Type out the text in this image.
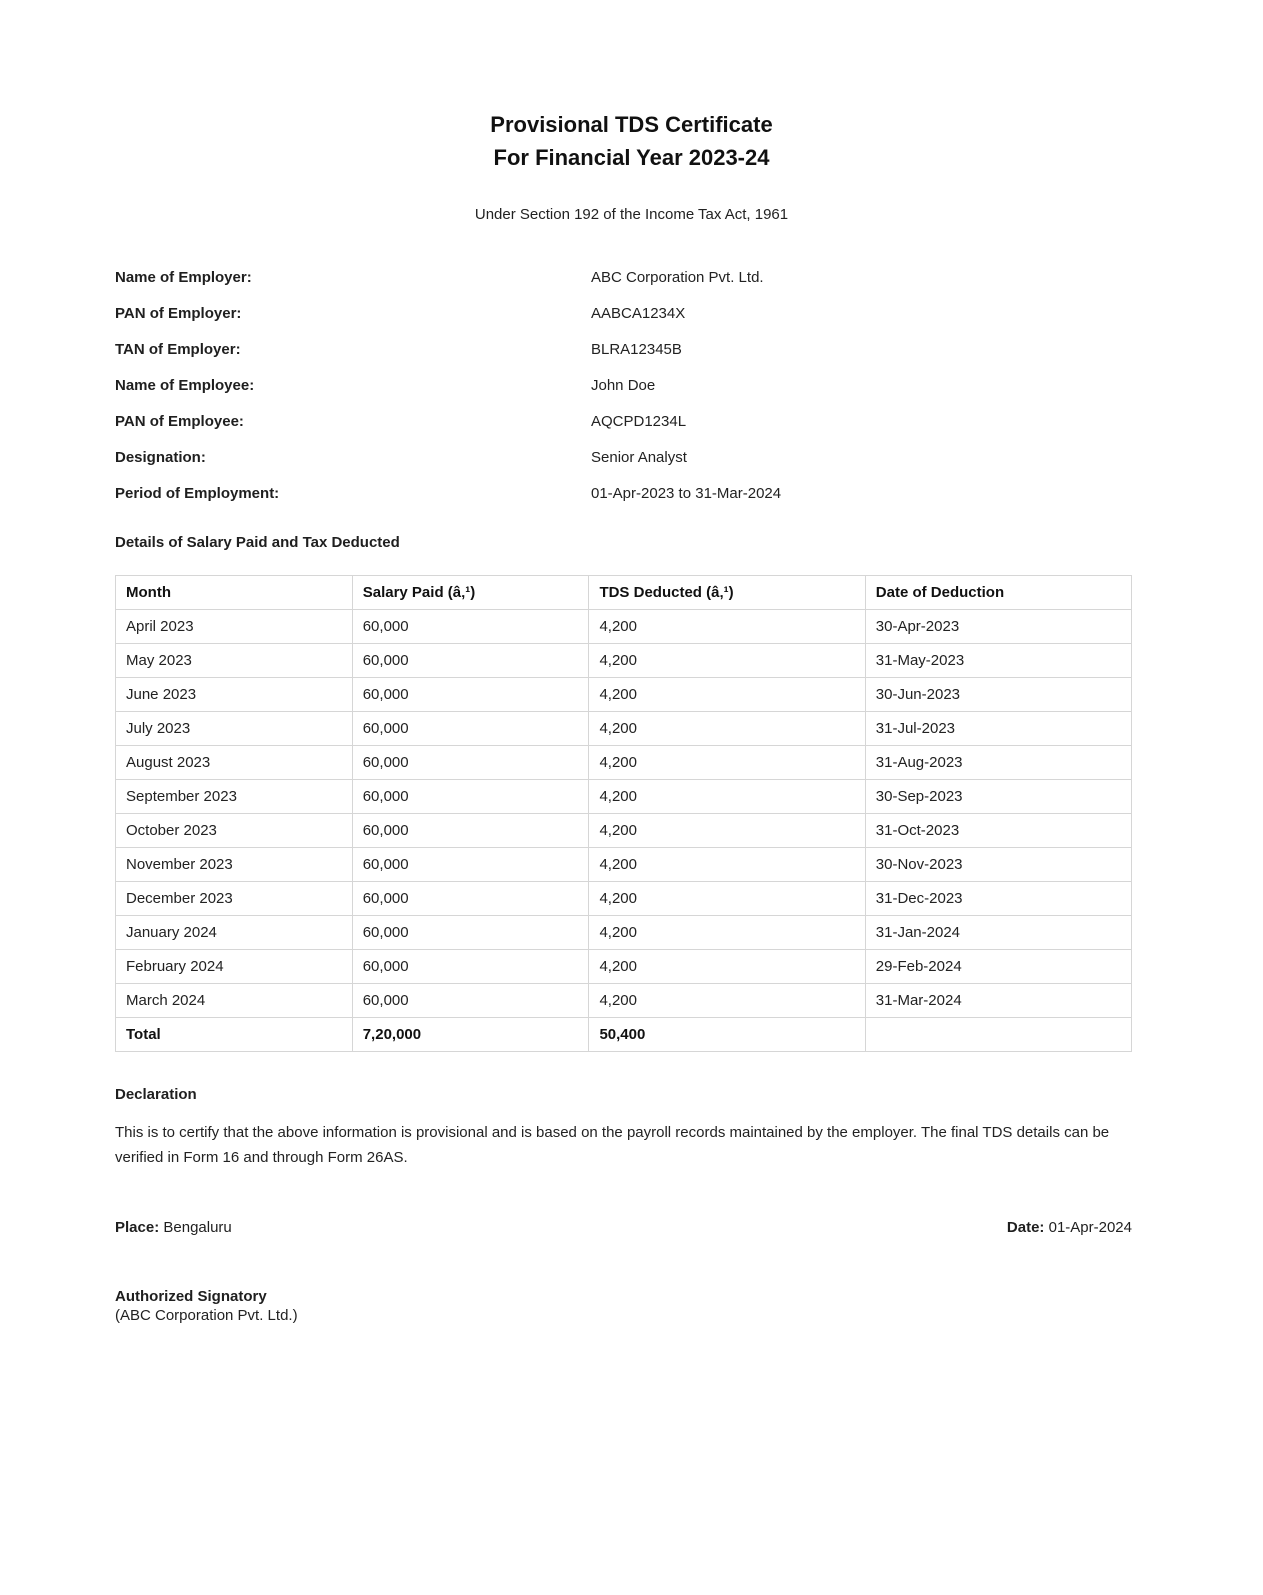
Provisional TDS Certificate
For Financial Year 2023-24
Under Section 192 of the Income Tax Act, 1961
Name of Employer:	ABC Corporation Pvt. Ltd.
PAN of Employer:	AABCA1234X
TAN of Employer:	BLRA12345B
Name of Employee:	John Doe
PAN of Employee:	AQCPD1234L
Designation:	Senior Analyst
Period of Employment:	01-Apr-2023 to 31-Mar-2024
Details of Salary Paid and Tax Deducted
Month	Salary Paid (â‚¹)	TDS Deducted (â‚¹)	Date of Deduction
April 2023	60,000	4,200	30-Apr-2023
May 2023	60,000	4,200	31-May-2023
June 2023	60,000	4,200	30-Jun-2023
July 2023	60,000	4,200	31-Jul-2023
August 2023	60,000	4,200	31-Aug-2023
September 2023	60,000	4,200	30-Sep-2023
October 2023	60,000	4,200	31-Oct-2023
November 2023	60,000	4,200	30-Nov-2023
December 2023	60,000	4,200	31-Dec-2023
January 2024	60,000	4,200	31-Jan-2024
February 2024	60,000	4,200	29-Feb-2024
March 2024	60,000	4,200	31-Mar-2024
Total	7,20,000	50,400	
Declaration
This is to certify that the above information is provisional and is based on the payroll records maintained by the employer. The final TDS details can be verified in Form 16 and through Form 26AS.
Place: Bengaluru	Date: 01-Apr-2024
Authorized Signatory
(ABC Corporation Pvt. Ltd.)
